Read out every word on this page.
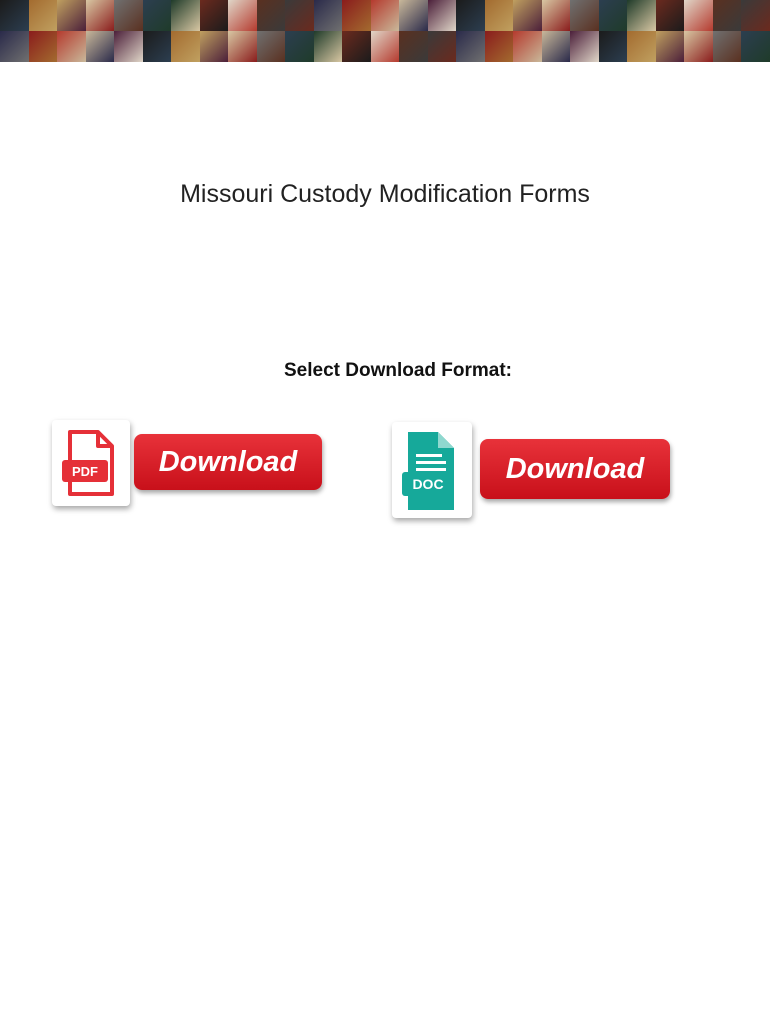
Missouri Custody Modification Forms
Select Download Format:
PDF	Download
DOC	Download
